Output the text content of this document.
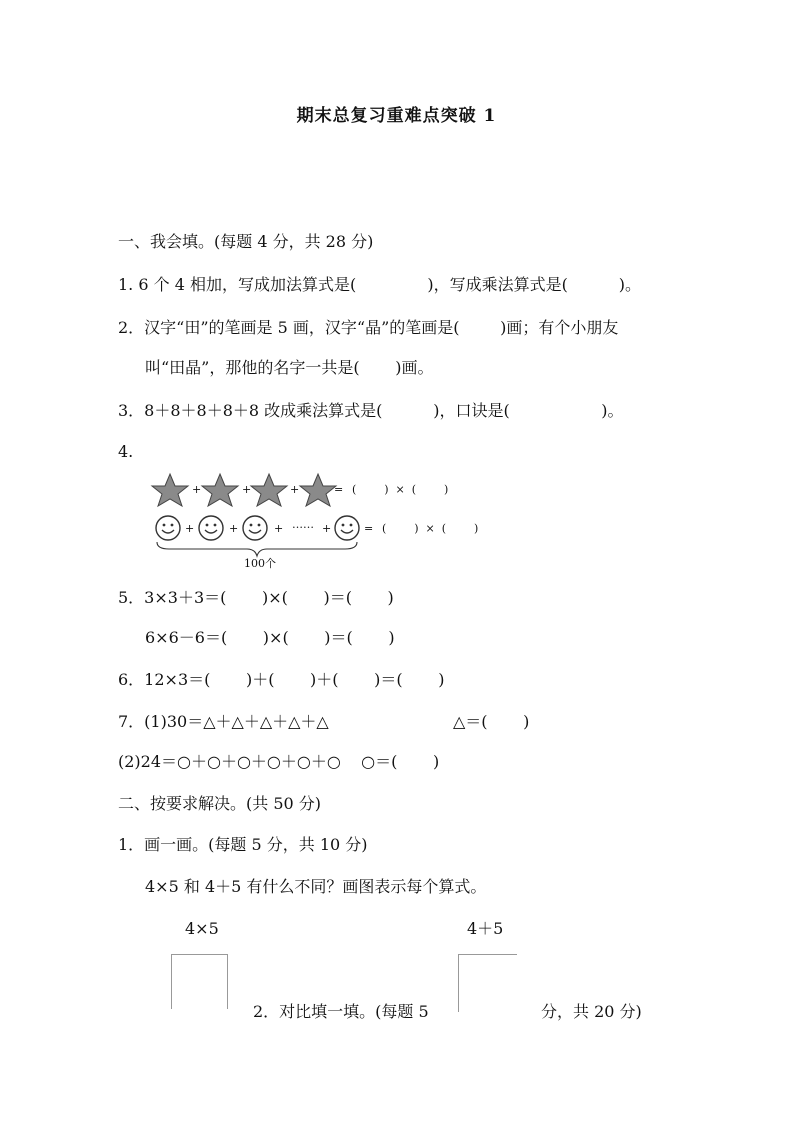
期末总复习重难点突破 1
一、我会填。(每题 4 分，共 28 分)
1. 6 个 4 相加，写成加法算式是(              )，写成乘法算式是(          )。
2．汉字“田”的笔画是 5 画，汉字“晶”的笔画是(        )画；有个小朋友
叫“田晶”，那他的名字一共是(       )画。
3．8＋8＋8＋8＋8 改成乘法算式是(          )，口诀是(                  )。
4.
+	+	+	= (        )  ×  (        )
+	+	+ …… +	= (        )  ×  (        )
100个
5．3×3＋3＝(       )×(       )＝(       )
6×6－6＝(       )×(       )＝(       )
6．12×3＝(       )＋(       )＋(       )＝(       )
7．(1)30＝△＋△＋△＋△＋△	△＝(       )
(2)24＝○＋○＋○＋○＋○＋○    ○＝(       )
二、按要求解决。(共 50 分)
1．画一画。(每题 5 分，共 10 分)
4×5 和 4＋5 有什么不同？画图表示每个算式。
4×5	4＋5
2．对比填一填。(每题 5	分，共 20 分)
